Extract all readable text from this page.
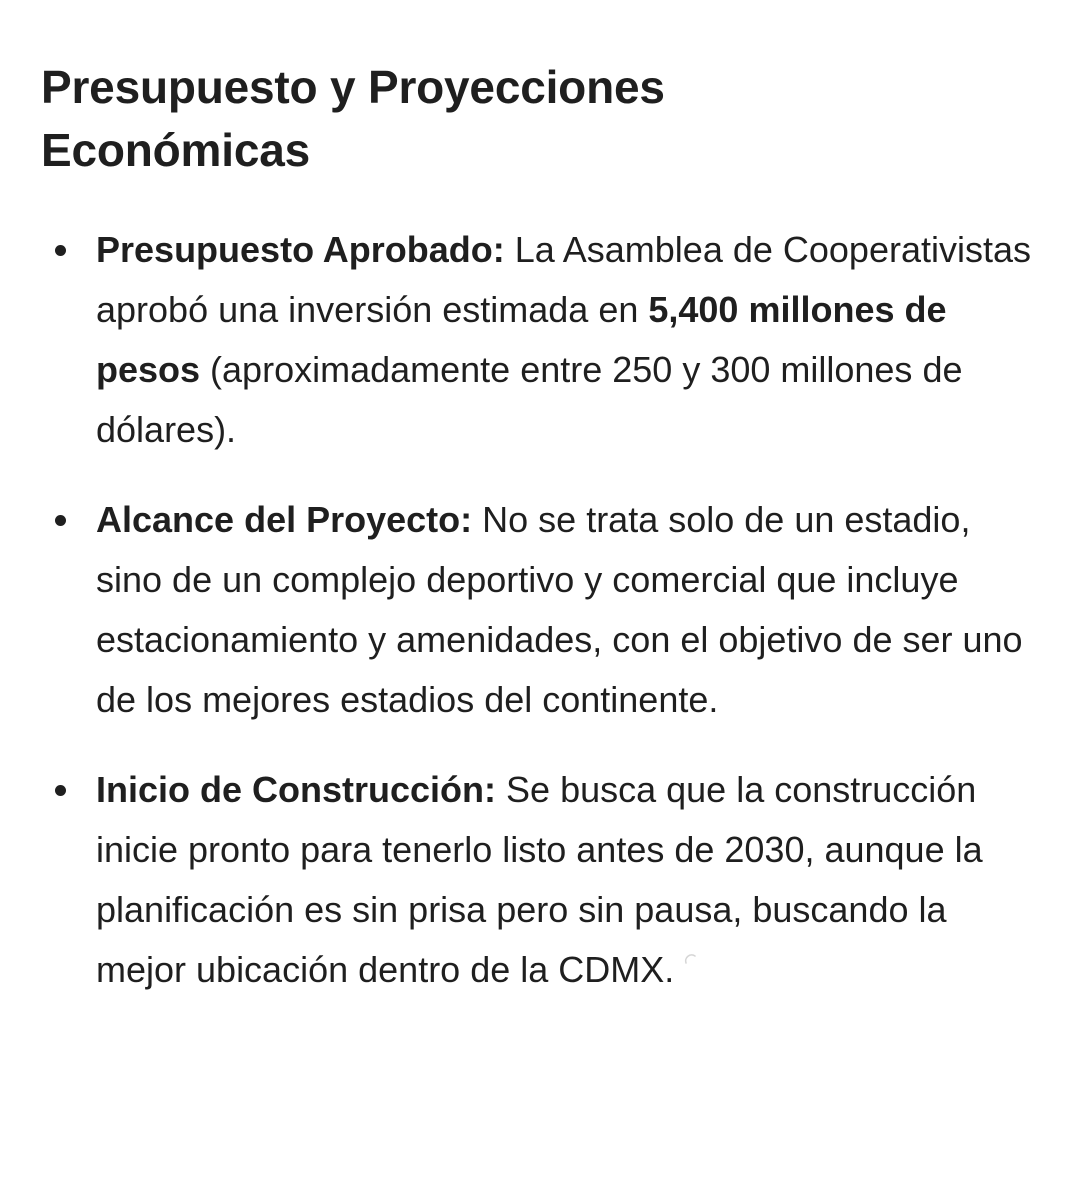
Presupuesto y Proyecciones
Económicas
Presupuesto Aprobado: La Asamblea de Cooperativistas aprobó una inversión estimada en 5,400 millones de pesos (aproximadamente entre 250 y 300 millones de dólares).
Alcance del Proyecto: No se trata solo de un estadio, sino de un complejo deportivo y comercial que incluye estacionamiento y amenidades, con el objetivo de ser uno de los mejores estadios del continente.
Inicio de Construcción: Se busca que la construcción inicie pronto para tenerlo listo antes de 2030, aunque la planificación es sin prisa pero sin pausa, buscando la mejor ubicación dentro de la CDMX.
